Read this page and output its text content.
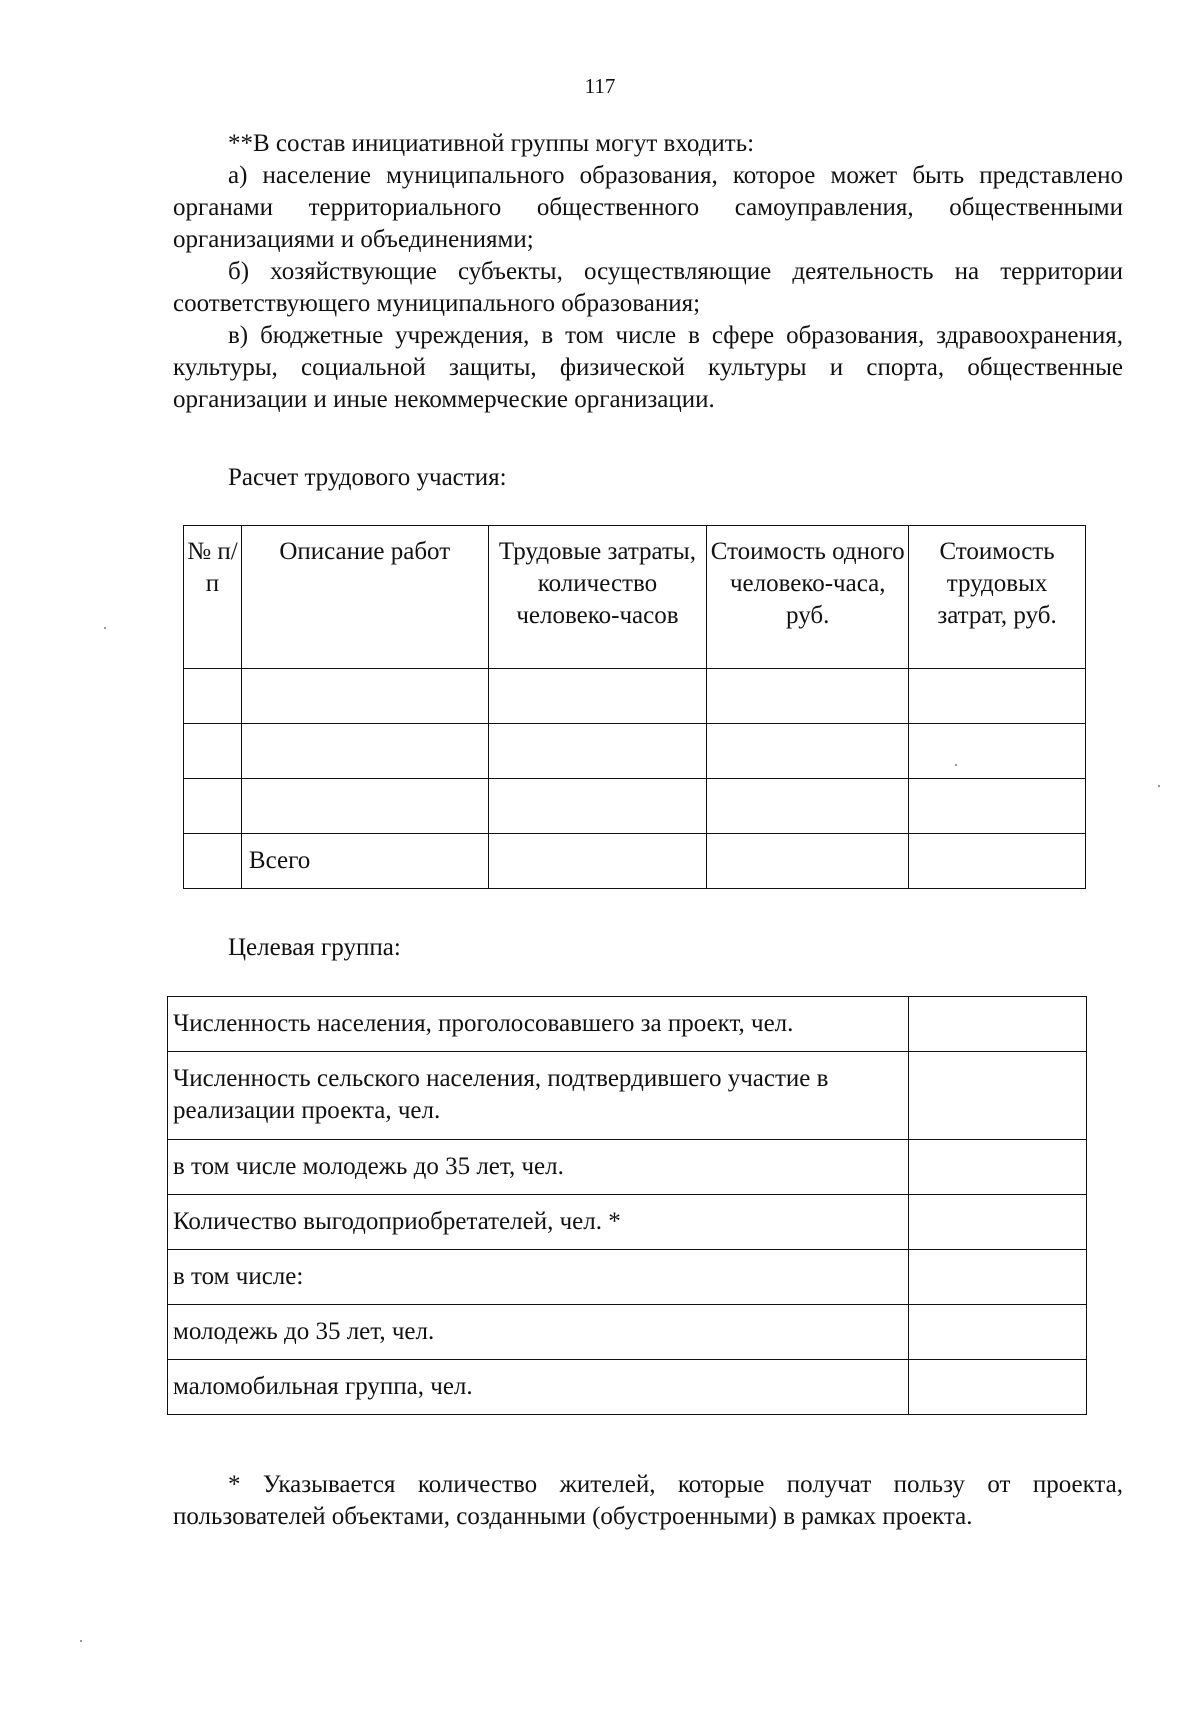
117

**В состав инициативной группы могут входить:

а) население муниципального образования, которое может быть представлено органами территориального общественного самоуправления, общественными организациями и объединениями;

б) хозяйствующие субъекты, осуществляющие деятельность на территории соответствующего муниципального образования;

в) бюджетные учреждения, в том числе в сфере образования, здравоохранения, культуры, социальной защиты, физической культуры и спорта, общественные организации и иные некоммерческие организации.

Расчет трудового участия:
№ п/п	Описание работ	Трудовые затраты, количество человеко-часов	Стоимость одного человеко-часа, руб.	Стоимость трудовых затрат, руб.

	Всего			
Целевая группа:
Численность населения, проголосовавшего за проект, чел.	
Численность сельского населения, подтвердившего участие в реализации проекта, чел.	
в том числе молодежь до 35 лет, чел.	
Количество выгодоприобретателей, чел. *	
в том числе:	
молодежь до 35 лет, чел.	
маломобильная группа, чел.	

* Указывается количество жителей, которые получат пользу от проекта, пользователей объектами, созданными (обустроенными) в рамках проекта.
